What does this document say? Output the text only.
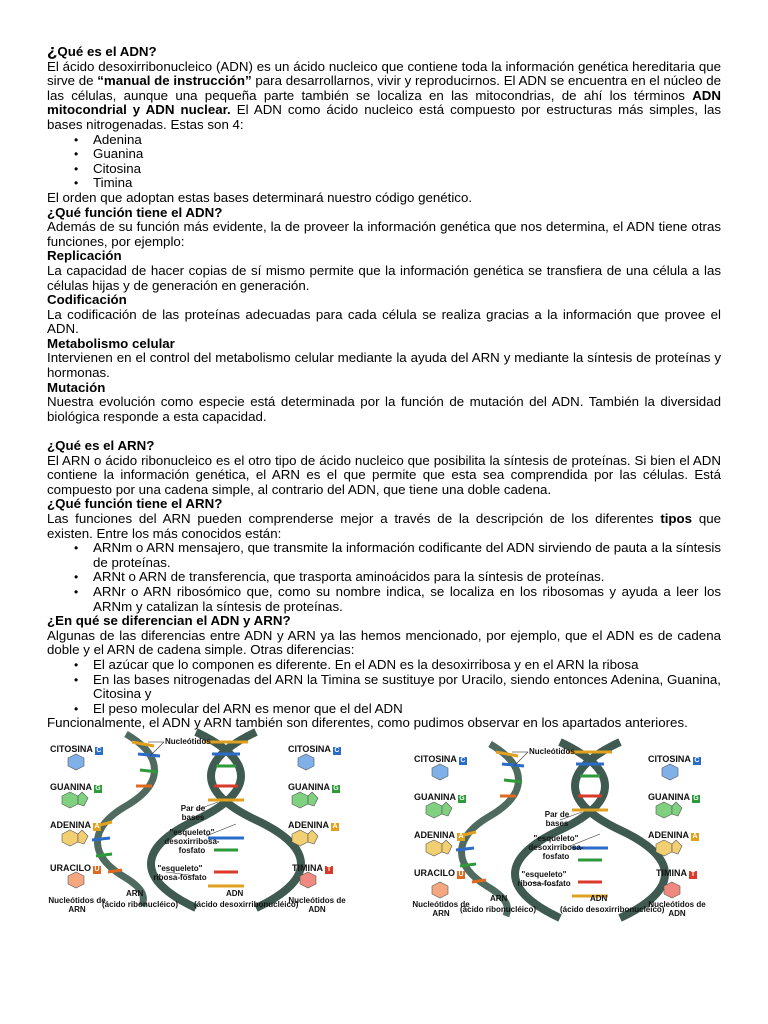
¿Qué es el ADN?

El ácido desoxirribonucleico (ADN) es un ácido nucleico que contiene toda la información genética hereditaria que sirve de “manual de instrucción” para desarrollarnos, vivir y reproducirnos. El ADN se encuentra en el núcleo de las células, aunque una pequeña parte también se localiza en las mitocondrias, de ahí los términos ADN mitocondrial y ADN nuclear. El ADN como ácido nucleico está compuesto por estructuras más simples, las bases nitrogenadas. Estas son 4:

• Adenina
• Guanina
• Citosina
• Timina

El orden que adoptan estas bases determinará nuestro código genético.

¿Qué función tiene el ADN?

Además de su función más evidente, la de proveer la información genética que nos determina, el ADN tiene otras funciones, por ejemplo:

Replicación

La capacidad de hacer copias de sí mismo permite que la información genética se transfiera de una célula a las células hijas y de generación en generación.

Codificación

La codificación de las proteínas adecuadas para cada célula se realiza gracias a la información que provee el ADN.

Metabolismo celular

Intervienen en el control del metabolismo celular mediante la ayuda del ARN y mediante la síntesis de proteínas y hormonas.

Mutación

Nuestra evolución como especie está determinada por la función de mutación del ADN. También la diversidad biológica responde a esta capacidad.

¿Qué es el ARN?

El ARN o ácido ribonucleico es el otro tipo de ácido nucleico que posibilita la síntesis de proteínas. Si bien el ADN contiene la información genética, el ARN es el que permite que esta sea comprendida por las células. Está compuesto por una cadena simple, al contrario del ADN, que tiene una doble cadena.

¿Qué función tiene el ARN?

Las funciones del ARN pueden comprenderse mejor a través de la descripción de los diferentes tipos que existen. Entre los más conocidos están:

• ARNm o ARN mensajero, que transmite la información codificante del ADN sirviendo de pauta a la síntesis de proteínas.
• ARNt o ARN de transferencia, que trasporta aminoácidos para la síntesis de proteínas.
• ARNr o ARN ribosómico que, como su nombre indica, se localiza en los ribosomas y ayuda a leer los ARNm y catalizan la síntesis de proteínas.

¿En qué se diferencian el ADN y ARN?

Algunas de las diferencias entre ADN y ARN ya las hemos mencionado, por ejemplo, que el ADN es de cadena doble y el ARN de cadena simple. Otras diferencias:

• El azúcar que lo componen es diferente. En el ADN es la desoxirribosa y en el ARN la ribosa
• En las bases nitrogenadas del ARN la Timina se sustituye por Uracilo, siendo entonces Adenina, Guanina, Citosina y
• El peso molecular del ARN es menor que el del ADN

Funcionalmente, el ADN y ARN también son diferentes, como pudimos observar en los apartados anteriores.

CITOSINA C
GUANINA G
ADENINA A
URACILO U
CITOSINA C
GUANINA G
ADENINA A
TIMINA T
Nucleótidos
Par de bases
"esqueleto" desoxirribosa-fosfato
"esqueleto" ribosa-fosfato
Nucleótidos de ARN
Nucleótidos de ADN
ARN
(ácido ribonucléico)
ADN
(ácido desoxirribonucléico)
CITOSINA C
GUANINA G
ADENINA A
URACILO U
CITOSINA C
GUANINA G
ADENINA A
TIMINA T
Nucleótidos
Par de bases
"esqueleto" desoxirribosa-fosfato
"esqueleto" ribosa-fosfato
Nucleótidos de ARN
Nucleótidos de ADN
ARN
(ácido ribonucléico)
ADN
(ácido desoxirribonucléico)
